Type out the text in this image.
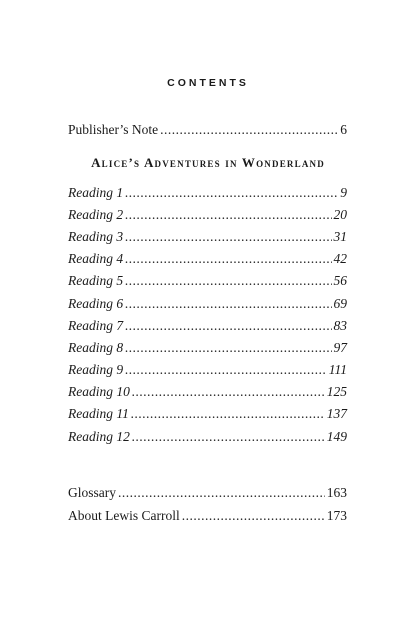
CONTENTS
Publisher’s Note .....	6
Alice’s Adventures in Wonderland
Reading 1 .....	9
Reading 2 .....	20
Reading 3 .....	31
Reading 4 .....	42
Reading 5 .....	56
Reading 6 .....	69
Reading 7 .....	83
Reading 8 .....	97
Reading 9 .....	111
Reading 10 .....	125
Reading 11 .....	137
Reading 12 .....	149
Glossary .....	163
About Lewis Carroll .....	173
